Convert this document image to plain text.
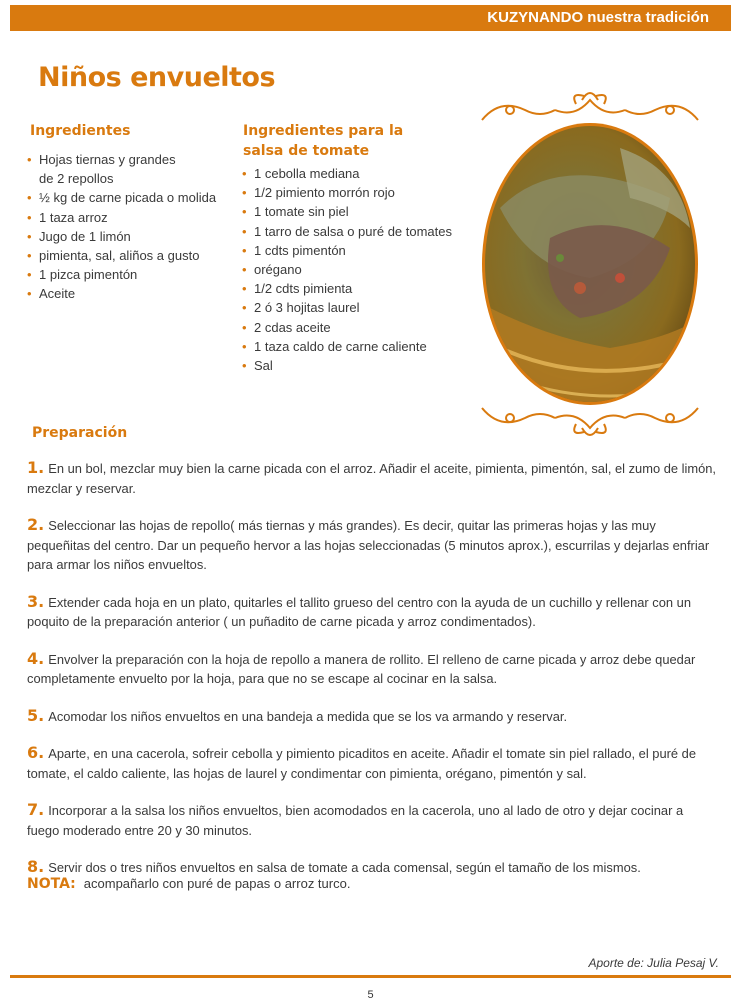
KUZYNANDO nuestra tradición
Niños envueltos
Ingredientes
• Hojas tiernas y grandes
de 2 repollos
• ½ kg de carne picada o molida
• 1 taza arroz
• Jugo de 1 limón
• pimienta, sal, aliños a gusto
• 1 pizca pimentón
• Aceite
Ingredientes para la
salsa de tomate
• 1 cebolla mediana
• 1/2 pimiento morrón rojo
• 1 tomate sin piel
• 1 tarro de salsa o puré de tomates
• 1 cdts pimentón
• orégano
• 1/2 cdts pimienta
• 2 ó 3 hojitas laurel
• 2 cdas aceite
• 1 taza caldo de carne caliente
• Sal
Preparación

1. En un bol, mezclar muy bien la carne picada con el arroz. Añadir el aceite, pimienta, pimentón, sal, el zumo de limón, mezclar y reservar.

2. Seleccionar las hojas de repollo( más tiernas y más grandes). Es decir, quitar las primeras hojas y las muy pequeñitas del centro. Dar un pequeño hervor a las hojas seleccionadas (5 minutos aprox.), escurrilas y dejarlas enfriar para armar los niños envueltos.

3. Extender cada hoja en un plato, quitarles el tallito grueso del centro con la ayuda de un cuchillo y rellenar con un poquito de la preparación anterior ( un puñadito de carne picada y arroz condimentados).

4. Envolver la preparación con la hoja de repollo a manera de rollito. El relleno de carne picada y arroz debe quedar completamente envuelto por la hoja, para que no se escape al cocinar en la salsa.

5. Acomodar los niños envueltos en una bandeja a medida que se los va armando y reservar.

6. Aparte, en una cacerola, sofreir cebolla y pimiento picaditos en aceite. Añadir el tomate sin piel rallado, el puré de tomate, el caldo caliente, las hojas de laurel y condimentar con pimienta, orégano, pimentón y sal.

7. Incorporar a la salsa los niños envueltos, bien acomodados en la cacerola, uno al lado de otro y dejar cocinar a fuego moderado entre 20 y 30 minutos.

8. Servir dos o tres niños envueltos en salsa de tomate a cada comensal, según el tamaño de los mismos.

NOTA: acompañarlo con puré de papas o arroz turco.
Aporte de: Julia Pesaj V.
5
